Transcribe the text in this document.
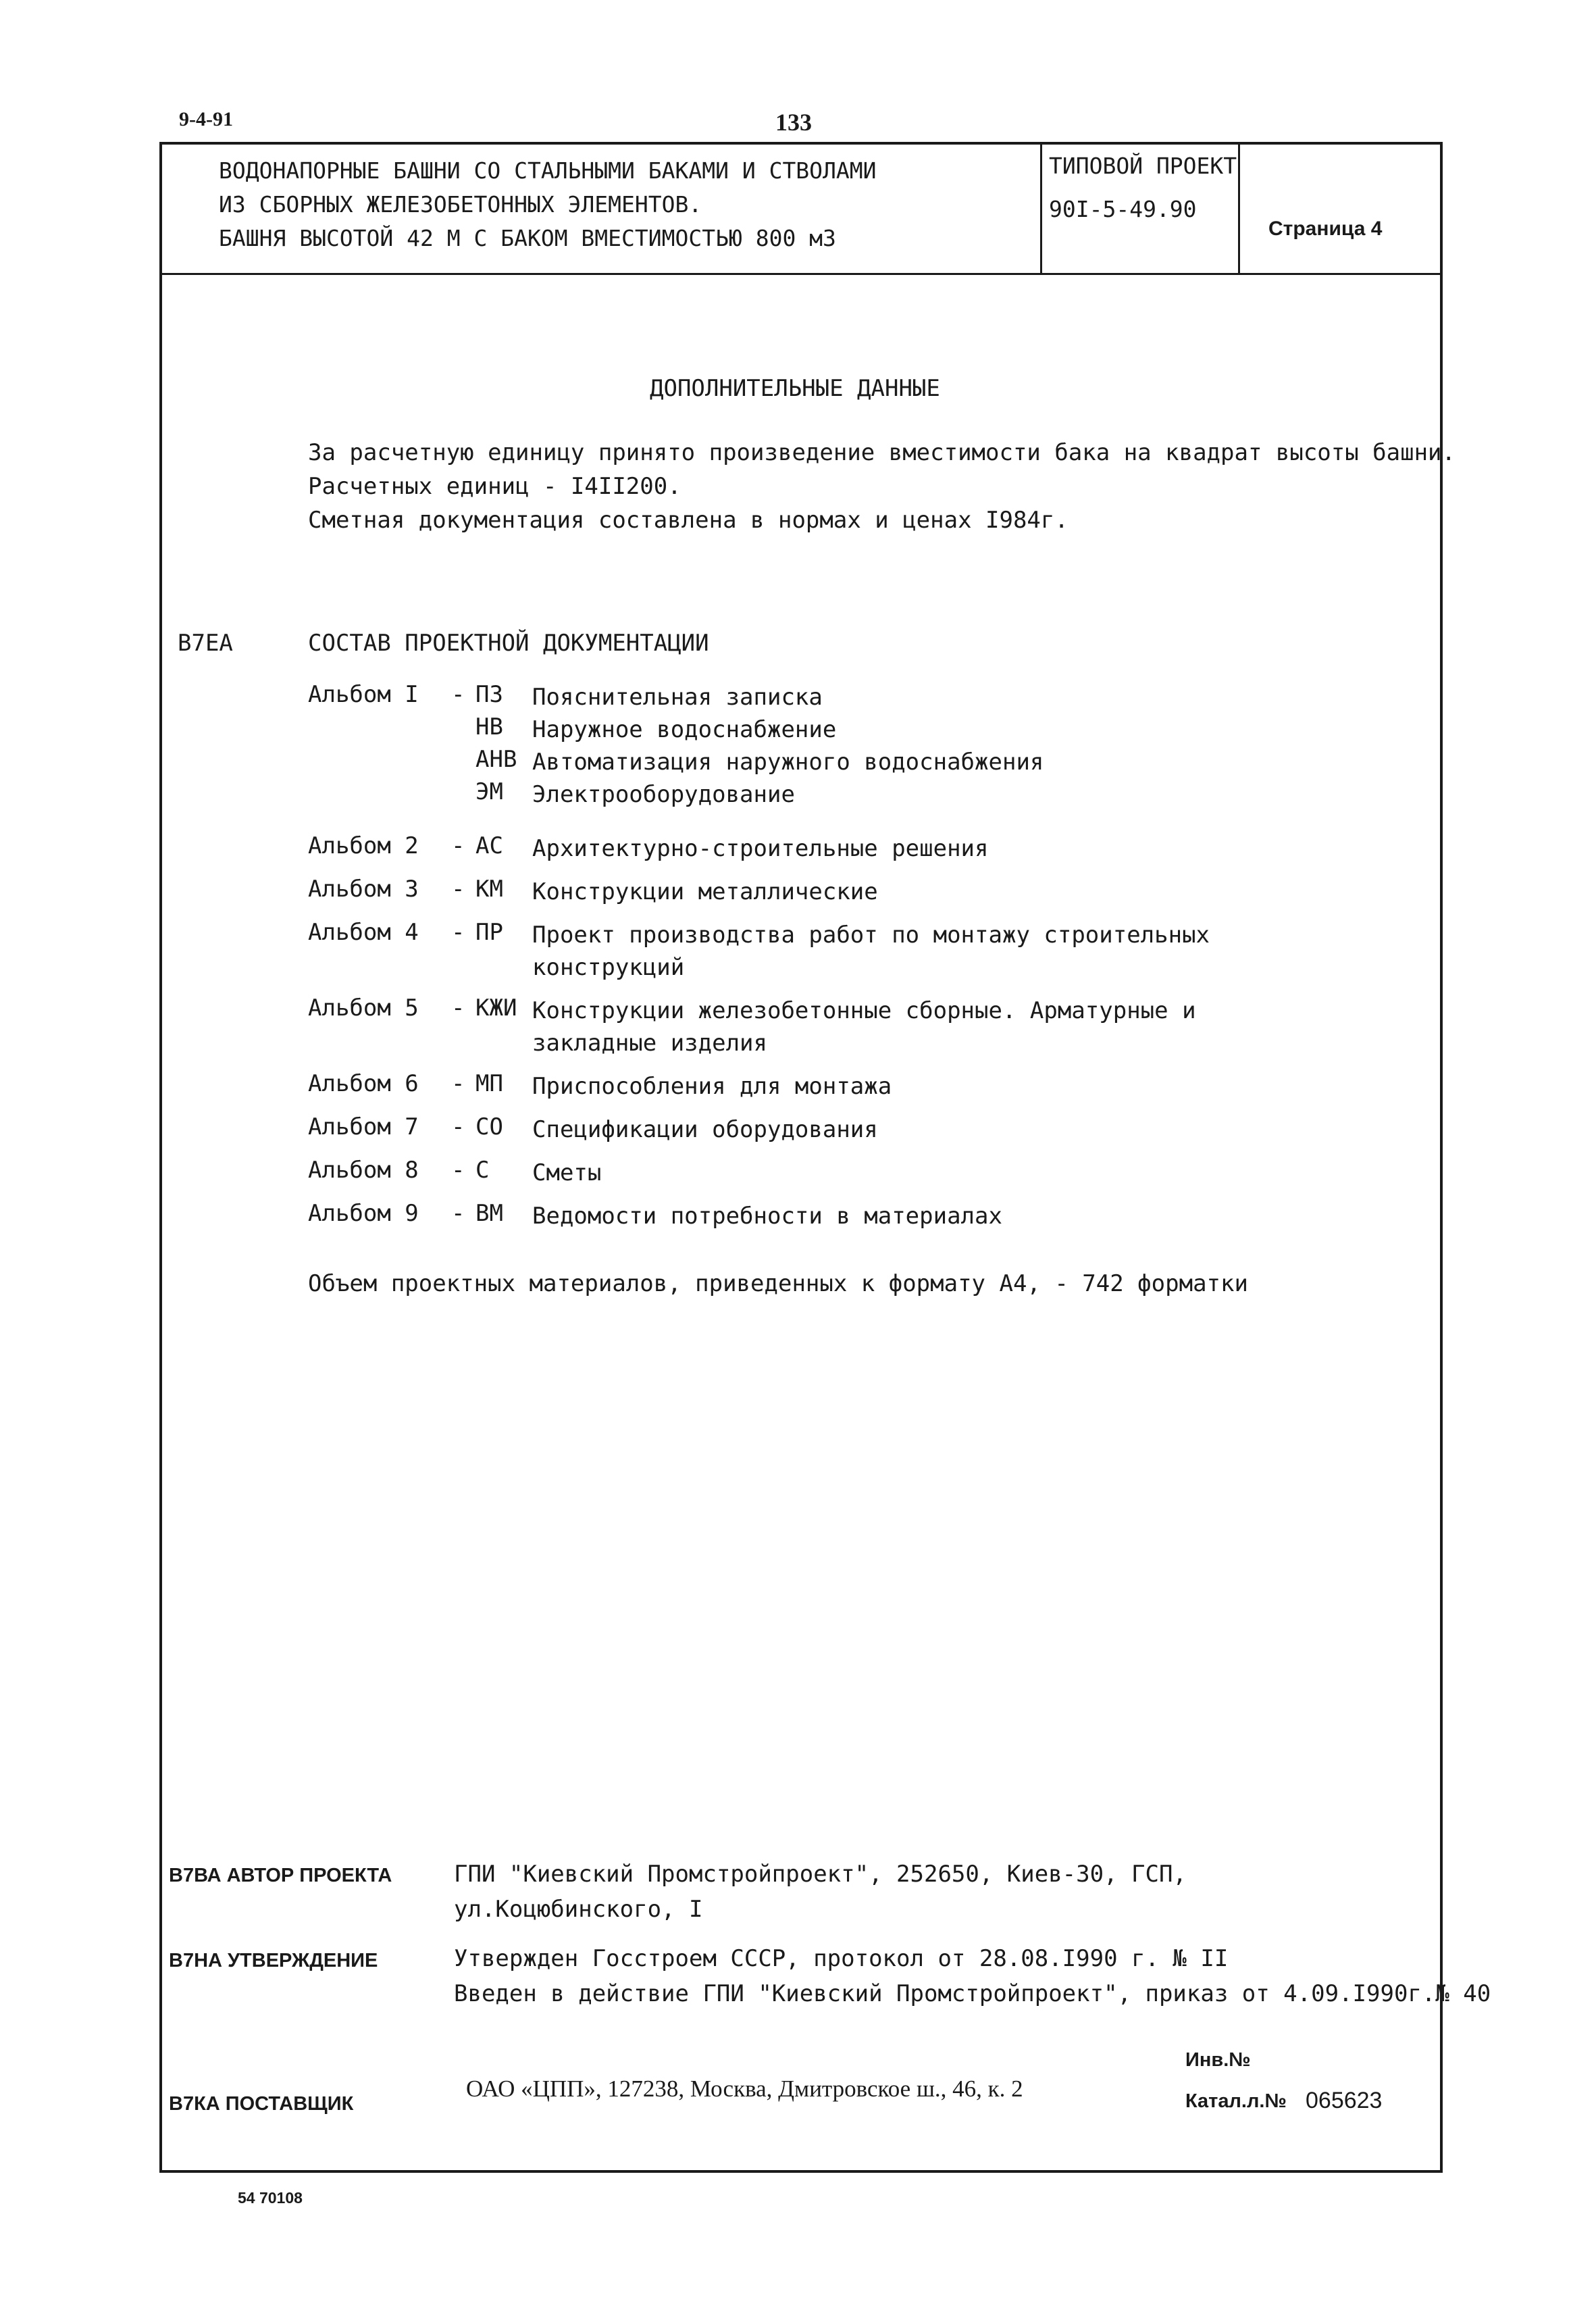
9-4-91	133
ВОДОНАПОРНЫЕ БАШНИ СО СТАЛЬНЫМИ БАКАМИ И СТВОЛАМИ
ИЗ СБОРНЫХ ЖЕЛЕЗОБЕТОННЫХ ЭЛЕМЕНТОВ.
БАШНЯ ВЫСОТОЙ 42 М С БАКОМ ВМЕСТИМОСТЬЮ 800 м3
ТИПОВОЙ ПРОЕКТ
90I-5-49.90
Страница 4
ДОПОЛНИТЕЛЬНЫЕ ДАННЫЕ
За расчетную единицу принято произведение вместимости бака на квадрат высоты башни.
Расчетных единиц - I4II200.
Сметная документация составлена в нормах и ценах I984г.
В7ЕА	СОСТАВ ПРОЕКТНОЙ ДОКУМЕНТАЦИИ
Альбом I - ПЗ Пояснительная записка
НВ Наружное водоснабжение
АНВ Автоматизация наружного водоснабжения
ЭМ Электрооборудование
Альбом 2 - АС Архитектурно-строительные решения
Альбом 3 - КМ Конструкции металлические
Альбом 4 - ПР Проект производства работ по монтажу строительных
конструкций
Альбом 5 - КЖИ Конструкции железобетонные сборные. Арматурные и
закладные изделия
Альбом 6 - МП Приспособления для монтажа
Альбом 7 - СО Спецификации оборудования
Альбом 8 - С Сметы
Альбом 9 - ВМ Ведомости потребности в материалах
Объем проектных материалов, приведенных к формату А4, - 742 форматки
В7ВА АВТОР ПРОЕКТА	ГПИ "Киевский Промстройпроект", 252650, Киев-30, ГСП,
ул.Коцюбинского, I
В7НА УТВЕРЖДЕНИЕ	Утвержден Госстроем СССР, протокол от 28.08.I990 г. № II
Введен в действие ГПИ "Киевский Промстройпроект", приказ от 4.09.I990г.№ 40
В7КА ПОСТАВЩИК
ОАО «ЦПП», 127238, Москва, Дмитровское ш., 46, к. 2
Инв.№
Катал.л.№ 065623
54 70108
